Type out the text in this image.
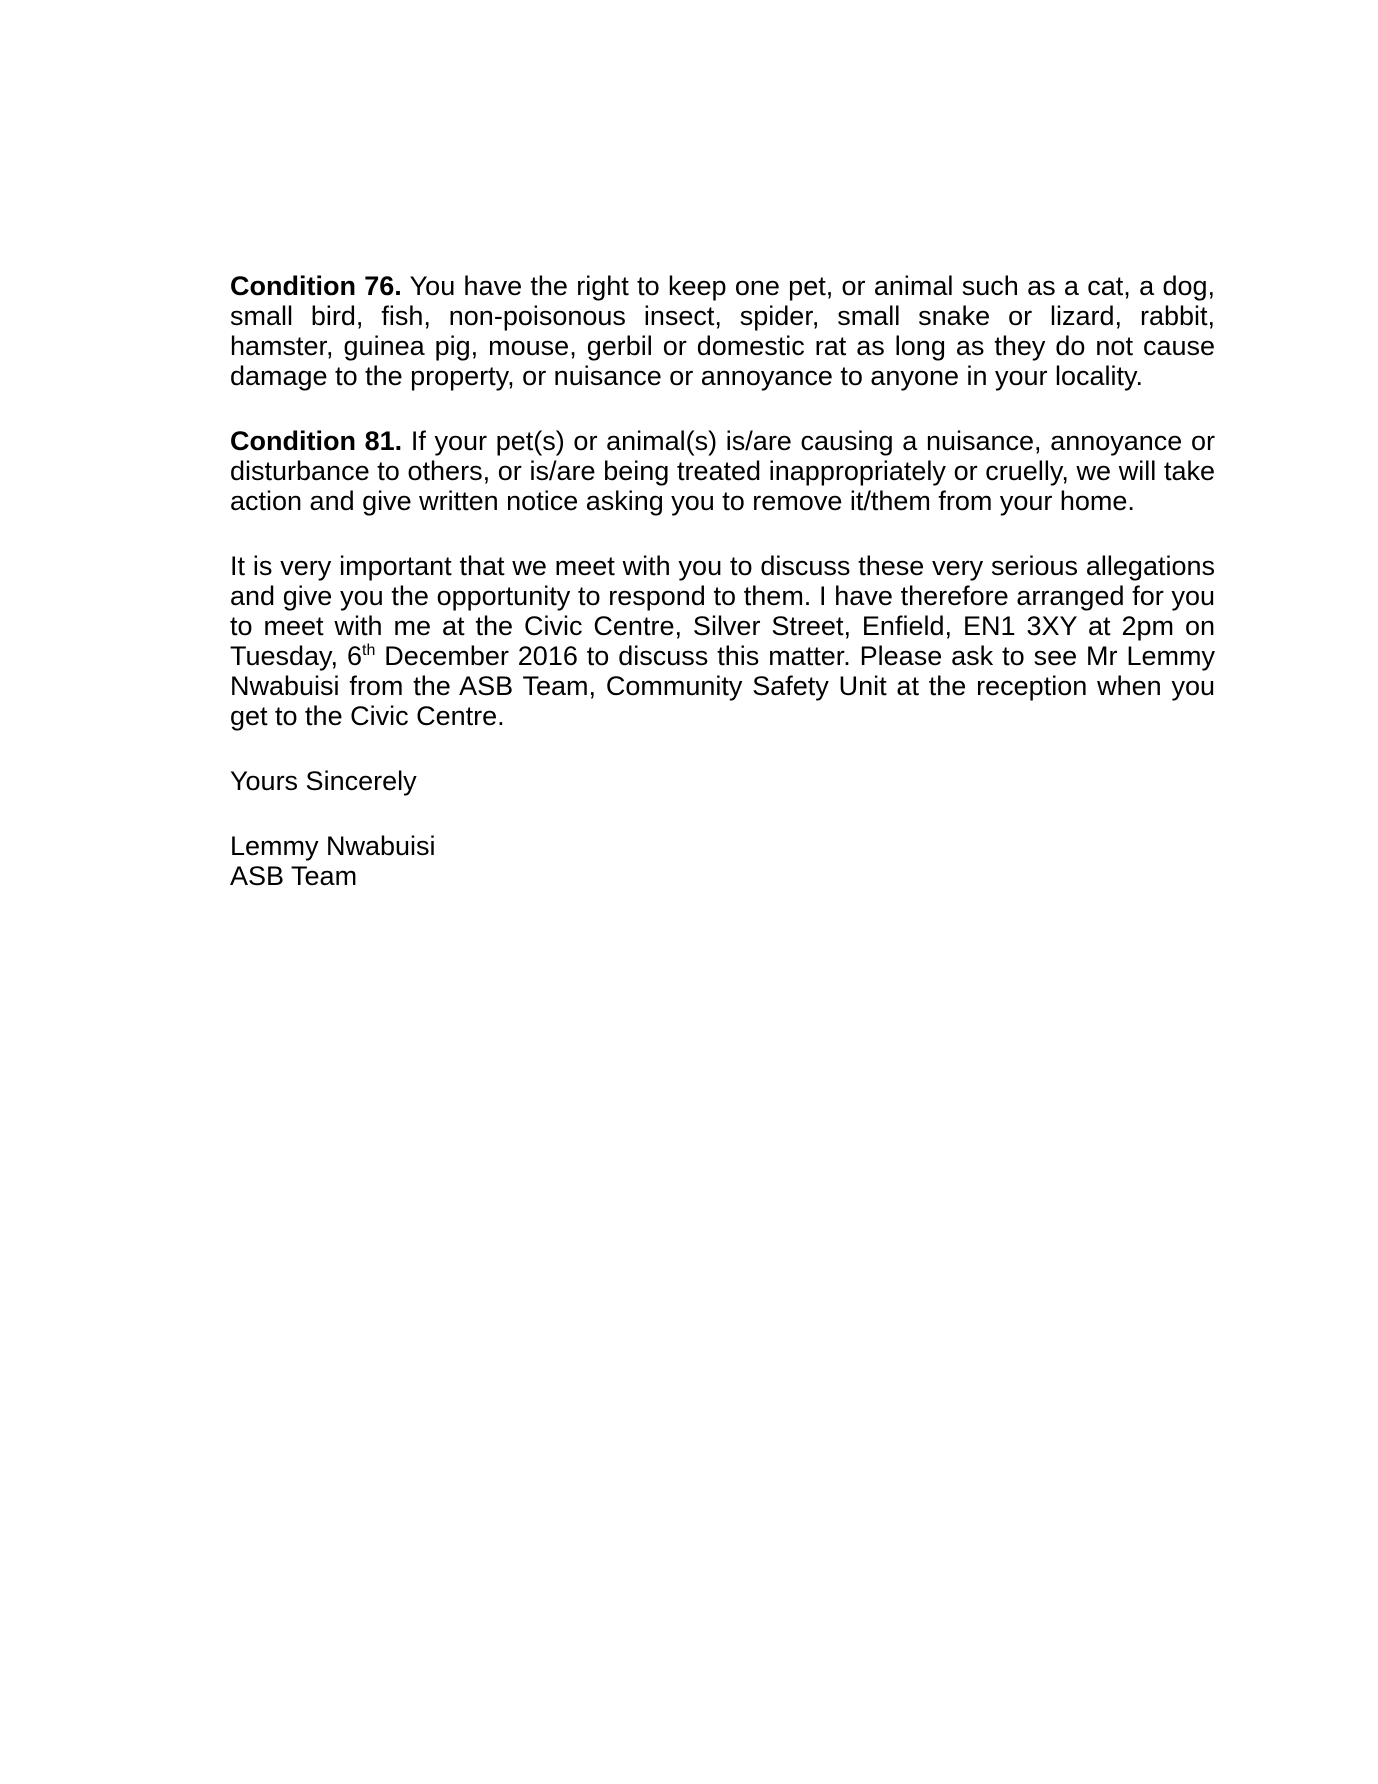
Condition 76. You have the right to keep one pet, or animal such as a cat, a dog, small bird, fish, non-poisonous insect, spider, small snake or lizard, rabbit, hamster, guinea pig, mouse, gerbil or domestic rat as long as they do not cause damage to the property, or nuisance or annoyance to anyone in your locality.

Condition 81. If your pet(s) or animal(s) is/are causing a nuisance, annoyance or disturbance to others, or is/are being treated inappropriately or cruelly, we will take action and give written notice asking you to remove it/them from your home.

It is very important that we meet with you to discuss these very serious allegations and give you the opportunity to respond to them. I have therefore arranged for you to meet with me at the Civic Centre, Silver Street, Enfield, EN1 3XY at 2pm on Tuesday, 6th December 2016 to discuss this matter. Please ask to see Mr Lemmy Nwabuisi from the ASB Team, Community Safety Unit at the reception when you get to the Civic Centre.

Yours Sincerely

Lemmy Nwabuisi
ASB Team
